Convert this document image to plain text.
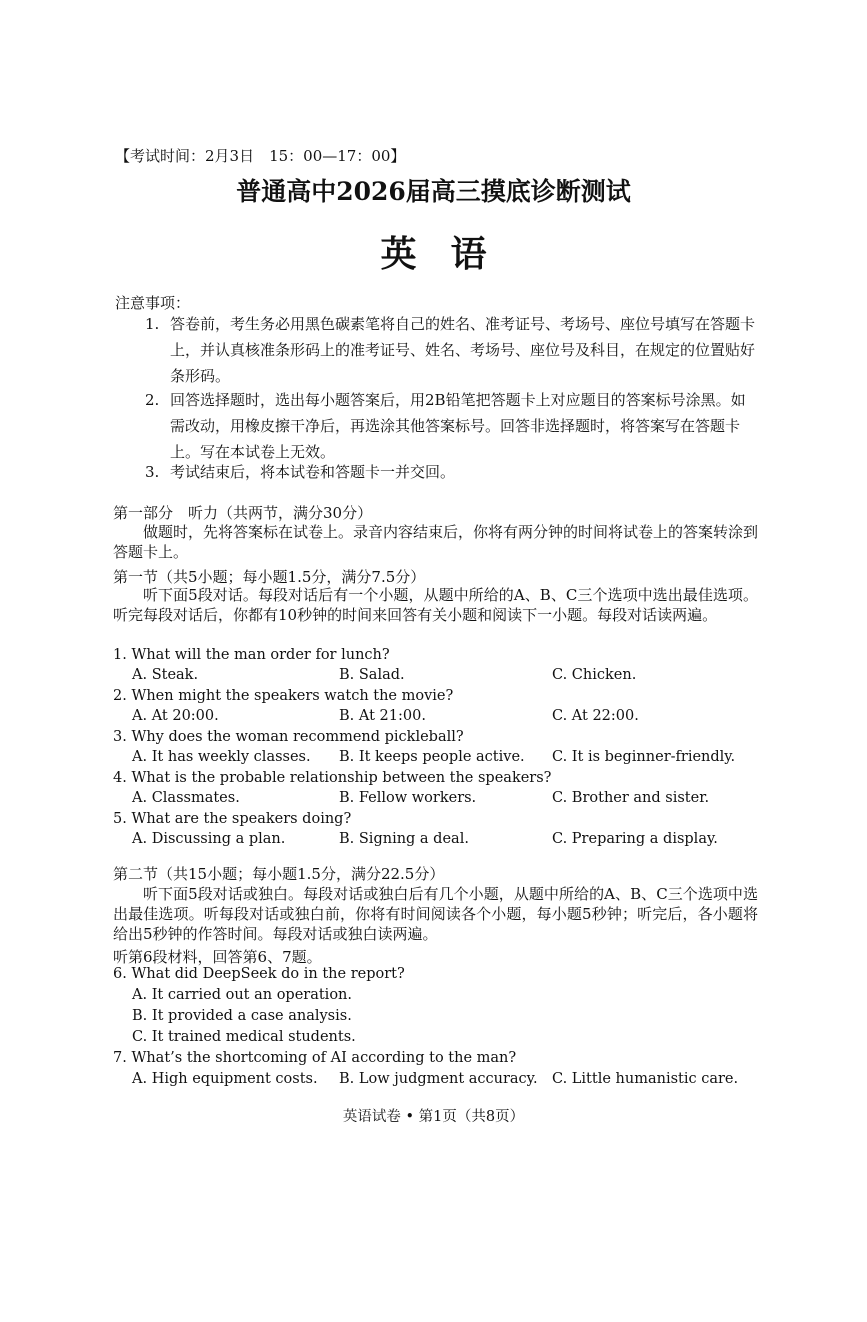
【考试时间：2月3日　15：00—17：00】
普通高中2026届高三摸底诊断测试
英语
注意事项：
1. 答卷前，考生务必用黑色碳素笔将自己的姓名、准考证号、考场号、座位号填写在答题卡上，并认真核准条形码上的准考证号、姓名、考场号、座位号及科目，在规定的位置贴好条形码。
2. 回答选择题时，选出每小题答案后，用2B铅笔把答题卡上对应题目的答案标号涂黑。如需改动，用橡皮擦干净后，再选涂其他答案标号。回答非选择题时，将答案写在答题卡上。写在本试卷上无效。
3. 考试结束后，将本试卷和答题卡一并交回。
第一部分　听力（共两节，满分30分）
做题时，先将答案标在试卷上。录音内容结束后，你将有两分钟的时间将试卷上的答案转涂到答题卡上。
第一节（共5小题；每小题1.5分，满分7.5分）
听下面5段对话。每段对话后有一个小题，从题中所给的A、B、C三个选项中选出最佳选项。听完每段对话后，你都有10秒钟的时间来回答有关小题和阅读下一小题。每段对话读两遍。
1. What will the man order for lunch?
A. Steak.	B. Salad.	C. Chicken.
2. When might the speakers watch the movie?
A. At 20:00.	B. At 21:00.	C. At 22:00.
3. Why does the woman recommend pickleball?
A. It has weekly classes. B. It keeps people active. C. It is beginner-friendly.
4. What is the probable relationship between the speakers?
A. Classmates.	B. Fellow workers.	C. Brother and sister.
5. What are the speakers doing?
A. Discussing a plan.	B. Signing a deal.	C. Preparing a display.
第二节（共15小题；每小题1.5分，满分22.5分）
听下面5段对话或独白。每段对话或独白后有几个小题，从题中所给的A、B、C三个选项中选出最佳选项。听每段对话或独白前，你将有时间阅读各个小题，每小题5秒钟；听完后，各小题将给出5秒钟的作答时间。每段对话或独白读两遍。
听第6段材料，回答第6、7题。
6. What did DeepSeek do in the report?
A. It carried out an operation.
B. It provided a case analysis.
C. It trained medical students.
7. What’s the shortcoming of AI according to the man?
A. High equipment costs. B. Low judgment accuracy. C. Little humanistic care.
英语试卷 • 第1页（共8页）
